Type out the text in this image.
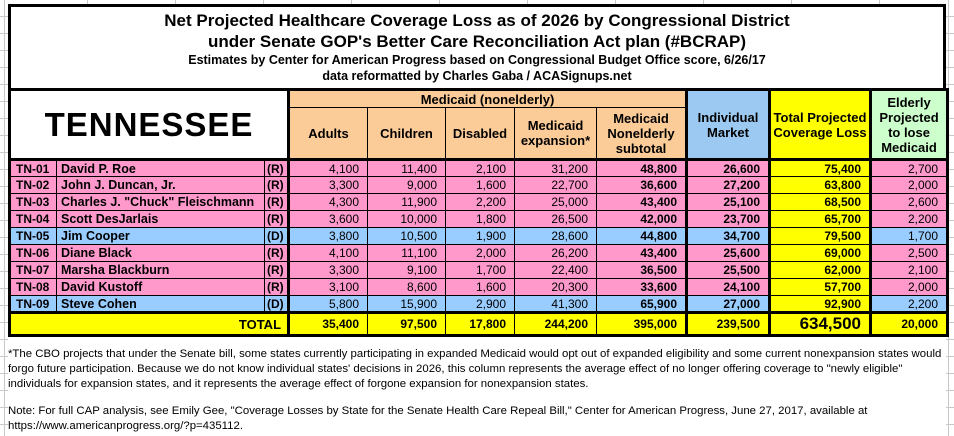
Net Projected Healthcare Coverage Loss as of 2026 by Congressional District
under Senate GOP's Better Care Reconciliation Act plan (#BCRAP)
Estimates by Center for American Progress based on Congressional Budget Office score, 6/26/17
data reformatted by Charles Gaba / ACASignups.net
TENNESSEE			Medicaid (nonelderly)					Individual Market	Total Projected Coverage Loss	Elderly Projected to lose Medicaid
			Adults	Children	Disabled	Medicaid expansion*	Medicaid Nonelderly subtotal			
TN-01	David P. Roe	(R)	4,100	11,400	2,100	31,200	48,800	26,600	75,400	2,700
TN-02	John J. Duncan, Jr.	(R)	3,300	9,000	1,600	22,700	36,600	27,200	63,800	2,000
TN-03	Charles J. "Chuck" Fleischmann	(R)	4,300	11,900	2,200	25,000	43,400	25,100	68,500	2,600
TN-04	Scott DesJarlais	(R)	3,600	10,000	1,800	26,500	42,000	23,700	65,700	2,200
TN-05	Jim Cooper	(D)	3,800	10,500	1,900	28,600	44,800	34,700	79,500	1,700
TN-06	Diane Black	(R)	4,100	11,100	2,000	26,200	43,400	25,600	69,000	2,500
TN-07	Marsha Blackburn	(R)	3,300	9,100	1,700	22,400	36,500	25,500	62,000	2,100
TN-08	David Kustoff	(R)	3,100	8,600	1,600	20,300	33,600	24,100	57,700	2,000
TN-09	Steve Cohen	(D)	5,800	15,900	2,900	41,300	65,900	27,000	92,900	2,200
TOTAL			35,400	97,500	17,800	244,200	395,000	239,500	634,500	20,000

*The CBO projects that under the Senate bill, some states currently participating in expanded Medicaid would opt out of expanded eligibility and some current nonexpansion states would forgo future participation. Because we do not know individual states' decisions in 2026, this column represents the average effect of no longer offering coverage to "newly eligible" individuals for expansion states, and it represents the average effect of forgone expansion for nonexpansion states.

Note: For full CAP analysis, see Emily Gee, "Coverage Losses by State for the Senate Health Care Repeal Bill," Center for American Progress, June 27, 2017, available at https://www.americanprogress.org/?p=435112.
